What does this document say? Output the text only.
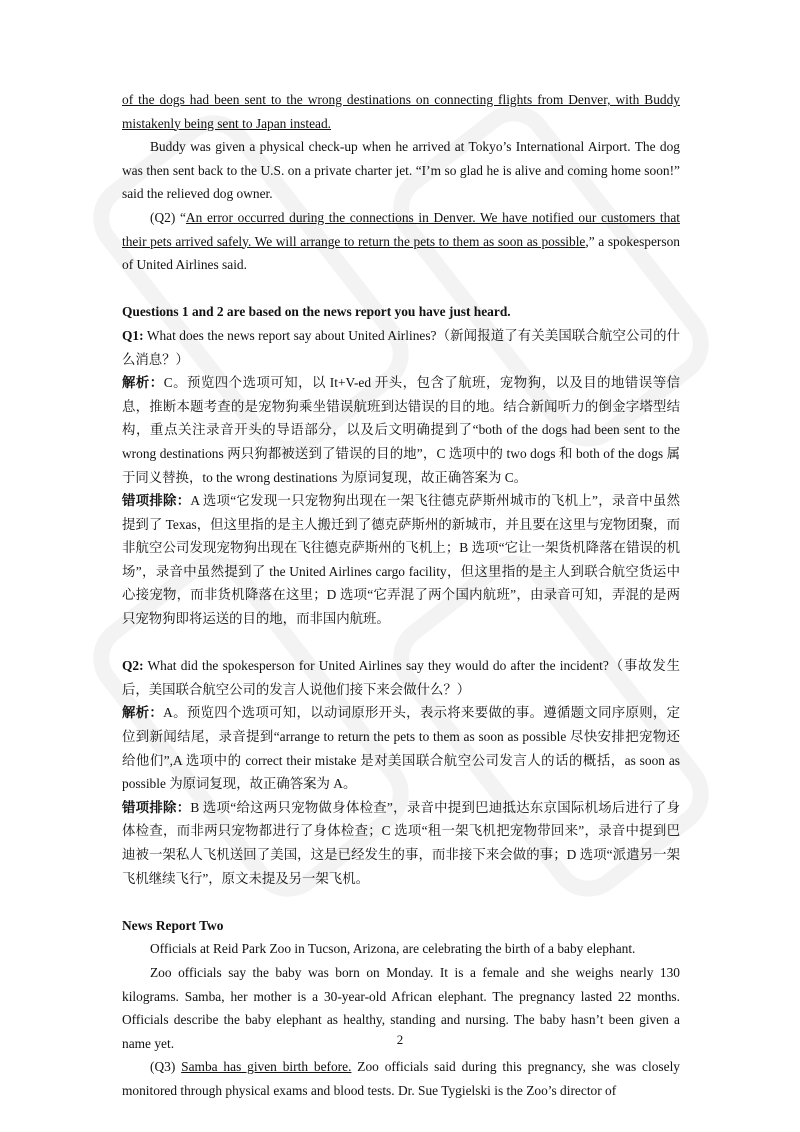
of the dogs had been sent to the wrong destinations on connecting flights from Denver, with Buddy mistakenly being sent to Japan instead.

Buddy was given a physical check-up when he arrived at Tokyo’s International Airport. The dog was then sent back to the U.S. on a private charter jet. “I’m so glad he is alive and coming home soon!” said the relieved dog owner.

(Q2) “An error occurred during the connections in Denver. We have notified our customers that their pets arrived safely. We will arrange to return the pets to them as soon as possible,” a spokesperson of United Airlines said.

Questions 1 and 2 are based on the news report you have just heard.

Q1: What does the news report say about United Airlines?（新闻报道了有关美国联合航空公司的什么消息？）

解析：C。预览四个选项可知，以 It+V-ed 开头，包含了航班，宠物狗，以及目的地错误等信息，推断本题考查的是宠物狗乘坐错误航班到达错误的目的地。结合新闻听力的倒金字塔型结构，重点关注录音开头的导语部分，以及后文明确提到了“both of the dogs had been sent to the wrong destinations 两只狗都被送到了错误的目的地”，C 选项中的 two dogs 和 both of the dogs 属于同义替换，to the wrong destinations 为原词复现，故正确答案为 C。

错项排除：A 选项“它发现一只宠物狗出现在一架飞往德克萨斯州城市的飞机上”，录音中虽然提到了 Texas，但这里指的是主人搬迁到了德克萨斯州的新城市，并且要在这里与宠物团聚，而非航空公司发现宠物狗出现在飞往德克萨斯州的飞机上；B 选项“它让一架货机降落在错误的机场”，录音中虽然提到了 the United Airlines cargo facility，但这里指的是主人到联合航空货运中心接宠物，而非货机降落在这里；D 选项“它弄混了两个国内航班”，由录音可知，弄混的是两只宠物狗即将运送的目的地，而非国内航班。

Q2: What did the spokesperson for United Airlines say they would do after the incident?（事故发生后，美国联合航空公司的发言人说他们接下来会做什么？）

解析：A。预览四个选项可知，以动词原形开头，表示将来要做的事。遵循题文同序原则，定位到新闻结尾，录音提到“arrange to return the pets to them as soon as possible 尽快安排把宠物还给他们”,A 选项中的 correct their mistake 是对美国联合航空公司发言人的话的概括，as soon as possible 为原词复现，故正确答案为 A。

错项排除：B 选项“给这两只宠物做身体检查”，录音中提到巴迪抵达东京国际机场后进行了身体检查，而非两只宠物都进行了身体检查；C 选项“租一架飞机把宠物带回来”，录音中提到巴迪被一架私人飞机送回了美国，这是已经发生的事，而非接下来会做的事；D 选项“派遣另一架飞机继续飞行”，原文未提及另一架飞机。

News Report Two

Officials at Reid Park Zoo in Tucson, Arizona, are celebrating the birth of a baby elephant.

Zoo officials say the baby was born on Monday. It is a female and she weighs nearly 130 kilograms. Samba, her mother is a 30-year-old African elephant. The pregnancy lasted 22 months. Officials describe the baby elephant as healthy, standing and nursing. The baby hasn’t been given a name yet.

(Q3) Samba has given birth before. Zoo officials said during this pregnancy, she was closely monitored through physical exams and blood tests. Dr. Sue Tygielski is the Zoo’s director of

2
